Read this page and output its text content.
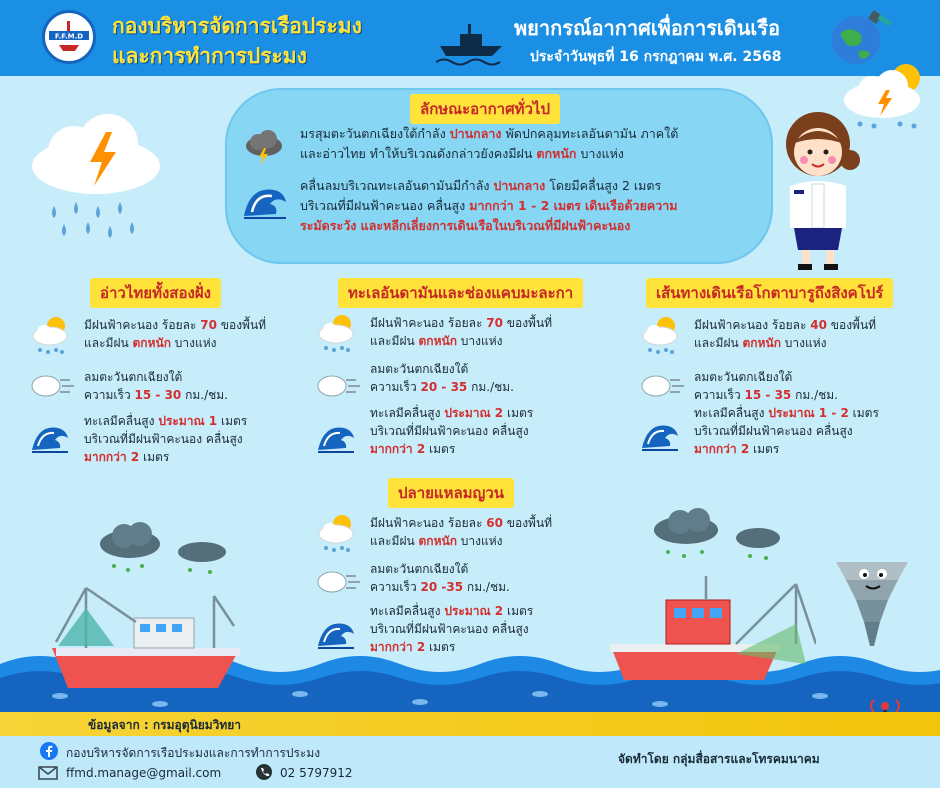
F.F.M.D กองบริหารจัดการเรือประมง
และการทำการประมง
พยากรณ์อากาศเพื่อการเดินเรือ
ประจำวันพุธที่ 16 กรกฎาคม พ.ศ. 2568
ลักษณะอากาศทั่วไป
มรสุมตะวันตกเฉียงใต้กำลัง ปานกลาง พัดปกคลุมทะเลอันดามัน ภาคใต้
และอ่าวไทย ทำให้บริเวณดังกล่าวยังคงมีฝน ตกหนัก บางแห่ง
คลื่นลมบริเวณทะเลอันดามันมีกำลัง ปานกลาง โดยมีคลื่นสูง 2 เมตร
บริเวณที่มีฝนฟ้าคะนอง คลื่นสูง มากกว่า 1 - 2 เมตร เดินเรือด้วยความ
ระมัดระวัง และหลีกเลี่ยงการเดินเรือในบริเวณที่มีฝนฟ้าคะนอง
อ่าวไทยทั้งสองฝั่ง
มีฝนฟ้าคะนอง ร้อยละ 70 ของพื้นที่
และมีฝน ตกหนัก บางแห่ง
ลมตะวันตกเฉียงใต้
ความเร็ว 15 - 30 กม./ชม.
ทะเลมีคลื่นสูง ประมาณ 1 เมตร
บริเวณที่มีฝนฟ้าคะนอง คลื่นสูง
มากกว่า 2 เมตร
ทะเลอันดามันและช่องแคบมะละกา
มีฝนฟ้าคะนอง ร้อยละ 70 ของพื้นที่
และมีฝน ตกหนัก บางแห่ง
ลมตะวันตกเฉียงใต้
ความเร็ว 20 - 35 กม./ชม.
ทะเลมีคลื่นสูง ประมาณ 2 เมตร
บริเวณที่มีฝนฟ้าคะนอง คลื่นสูง
มากกว่า 2 เมตร
เส้นทางเดินเรือโกตาบารูถึงสิงคโปร์
มีฝนฟ้าคะนอง ร้อยละ 40 ของพื้นที่
และมีฝน ตกหนัก บางแห่ง
ลมตะวันตกเฉียงใต้
ความเร็ว 15 - 35 กม./ชม.
ทะเลมีคลื่นสูง ประมาณ 1 - 2 เมตร
บริเวณที่มีฝนฟ้าคะนอง คลื่นสูง
มากกว่า 2 เมตร
ปลายแหลมญวน
มีฝนฟ้าคะนอง ร้อยละ 60 ของพื้นที่
และมีฝน ตกหนัก บางแห่ง
ลมตะวันตกเฉียงใต้
ความเร็ว 20 -35 กม./ชม.
ทะเลมีคลื่นสูง ประมาณ 2 เมตร
บริเวณที่มีฝนฟ้าคะนอง คลื่นสูง
มากกว่า 2 เมตร
ข้อมูลจาก : กรมอุตุนิยมวิทยา
กองบริหารจัดการเรือประมงและการทำการประมง
ffmd.manage@gmail.com	02 5797912
จัดทำโดย กลุ่มสื่อสารและโทรคมนาคม
